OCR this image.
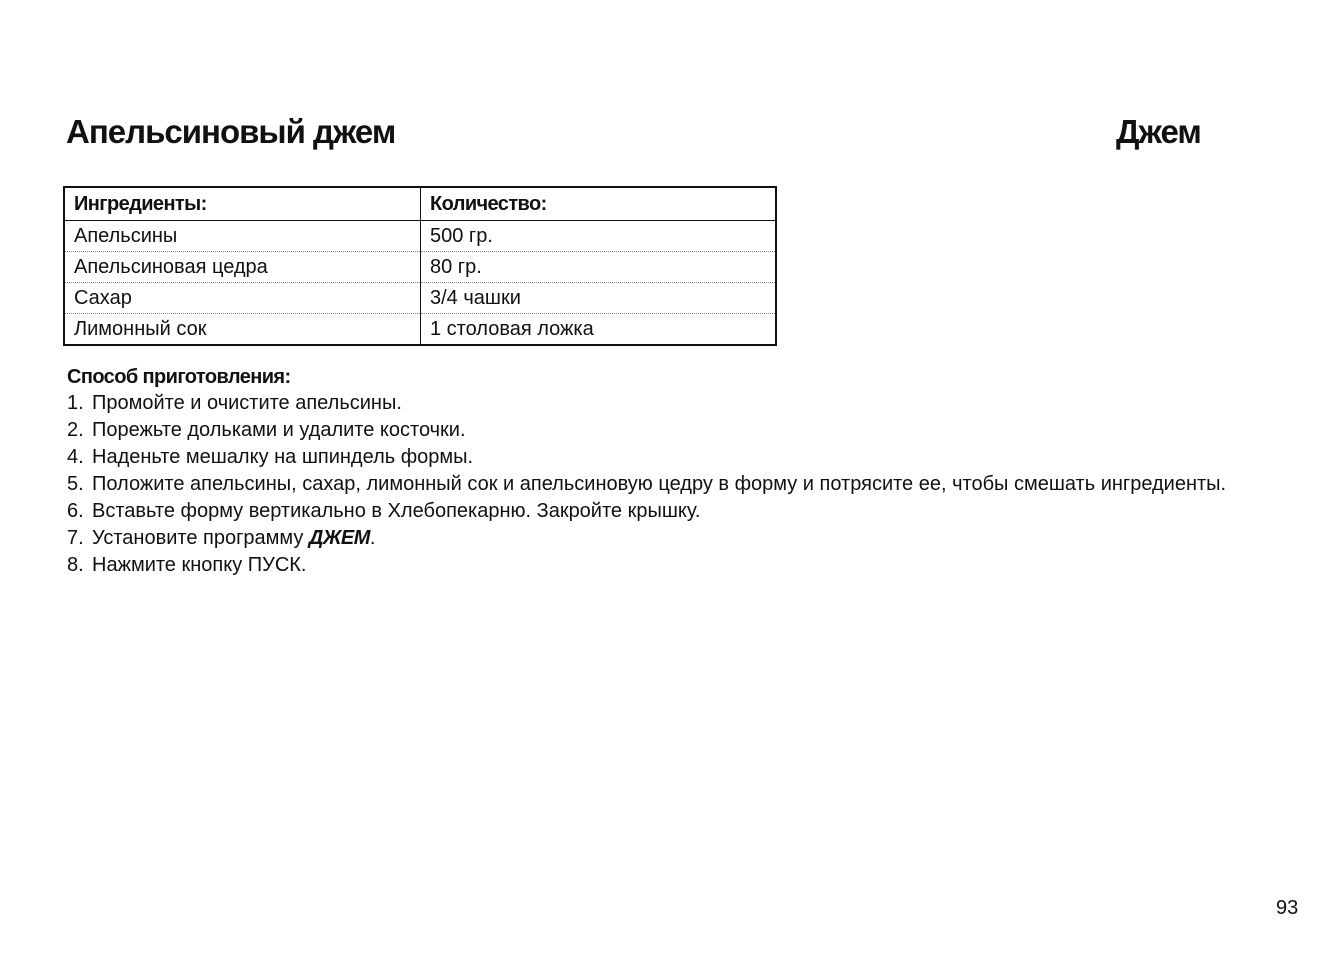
Апельсиновый джем	Джем
Ингредиенты:	Количество:
Апельсины	500 гр.
Апельсиновая цедра	80 гр.
Сахар	3/4 чашки
Лимонный сок	1 столовая ложка
Способ приготовления:
1. Промойте и очистите апельсины.
2. Порежьте дольками и удалите косточки.
4. Наденьте мешалку на шпиндель формы.
5. Положите апельсины, сахар, лимонный сок и апельсиновую цедру в форму и потрясите ее, чтобы смешать ингредиенты.
6. Вставьте форму вертикально в Хлебопекарню. Закройте крышку.
7. Установите программу ДЖЕМ.
8. Нажмите кнопку ПУСК.
93
